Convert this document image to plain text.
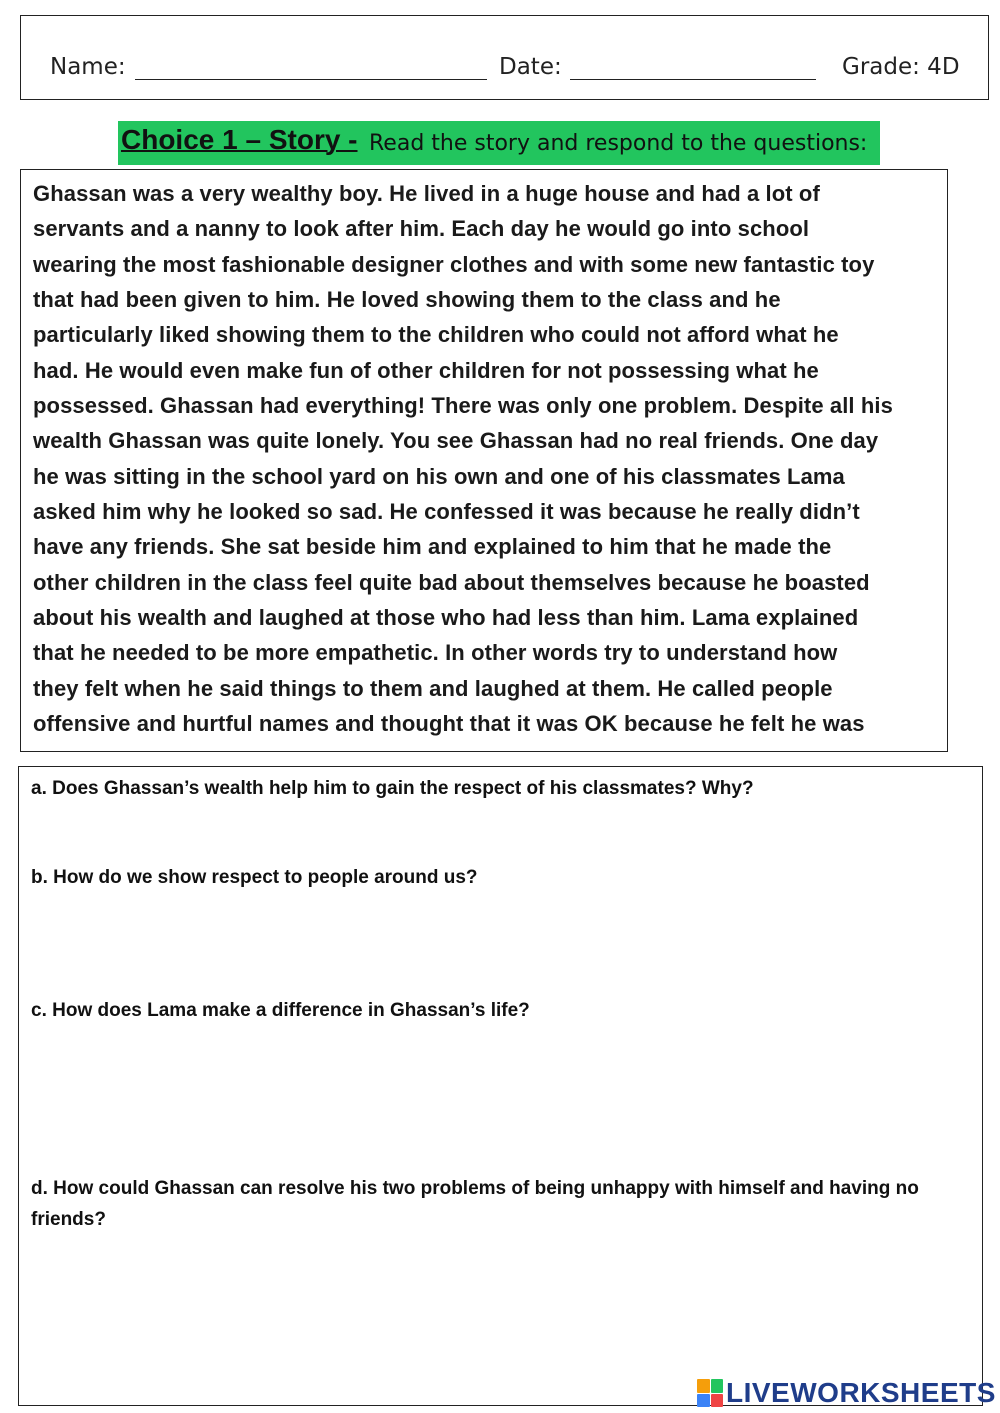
Name:	Date:	Grade: 4D
Choice 1 – Story - Read the story and respond to the questions:
Ghassan was a very wealthy boy. He lived in a huge house and had a lot of
servants and a nanny to look after him. Each day he would go into school
wearing the most fashionable designer clothes and with some new fantastic toy
that had been given to him. He loved showing them to the class and he
particularly liked showing them to the children who could not afford what he
had. He would even make fun of other children for not possessing what he
possessed. Ghassan had everything! There was only one problem. Despite all his
wealth Ghassan was quite lonely. You see Ghassan had no real friends. One day
he was sitting in the school yard on his own and one of his classmates Lama
asked him why he looked so sad. He confessed it was because he really didn’t
have any friends. She sat beside him and explained to him that he made the
other children in the class feel quite bad about themselves because he boasted
about his wealth and laughed at those who had less than him. Lama explained
that he needed to be more empathetic. In other words try to understand how
they felt when he said things to them and laughed at them. He called people
offensive and hurtful names and thought that it was OK because he felt he was
a. Does Ghassan’s wealth help him to gain the respect of his classmates? Why?
b. How do we show respect to people around us?
c. How does Lama make a difference in Ghassan’s life?
d. How could Ghassan can resolve his two problems of being unhappy with himself and having no friends?
LIVEWORKSHEETS
